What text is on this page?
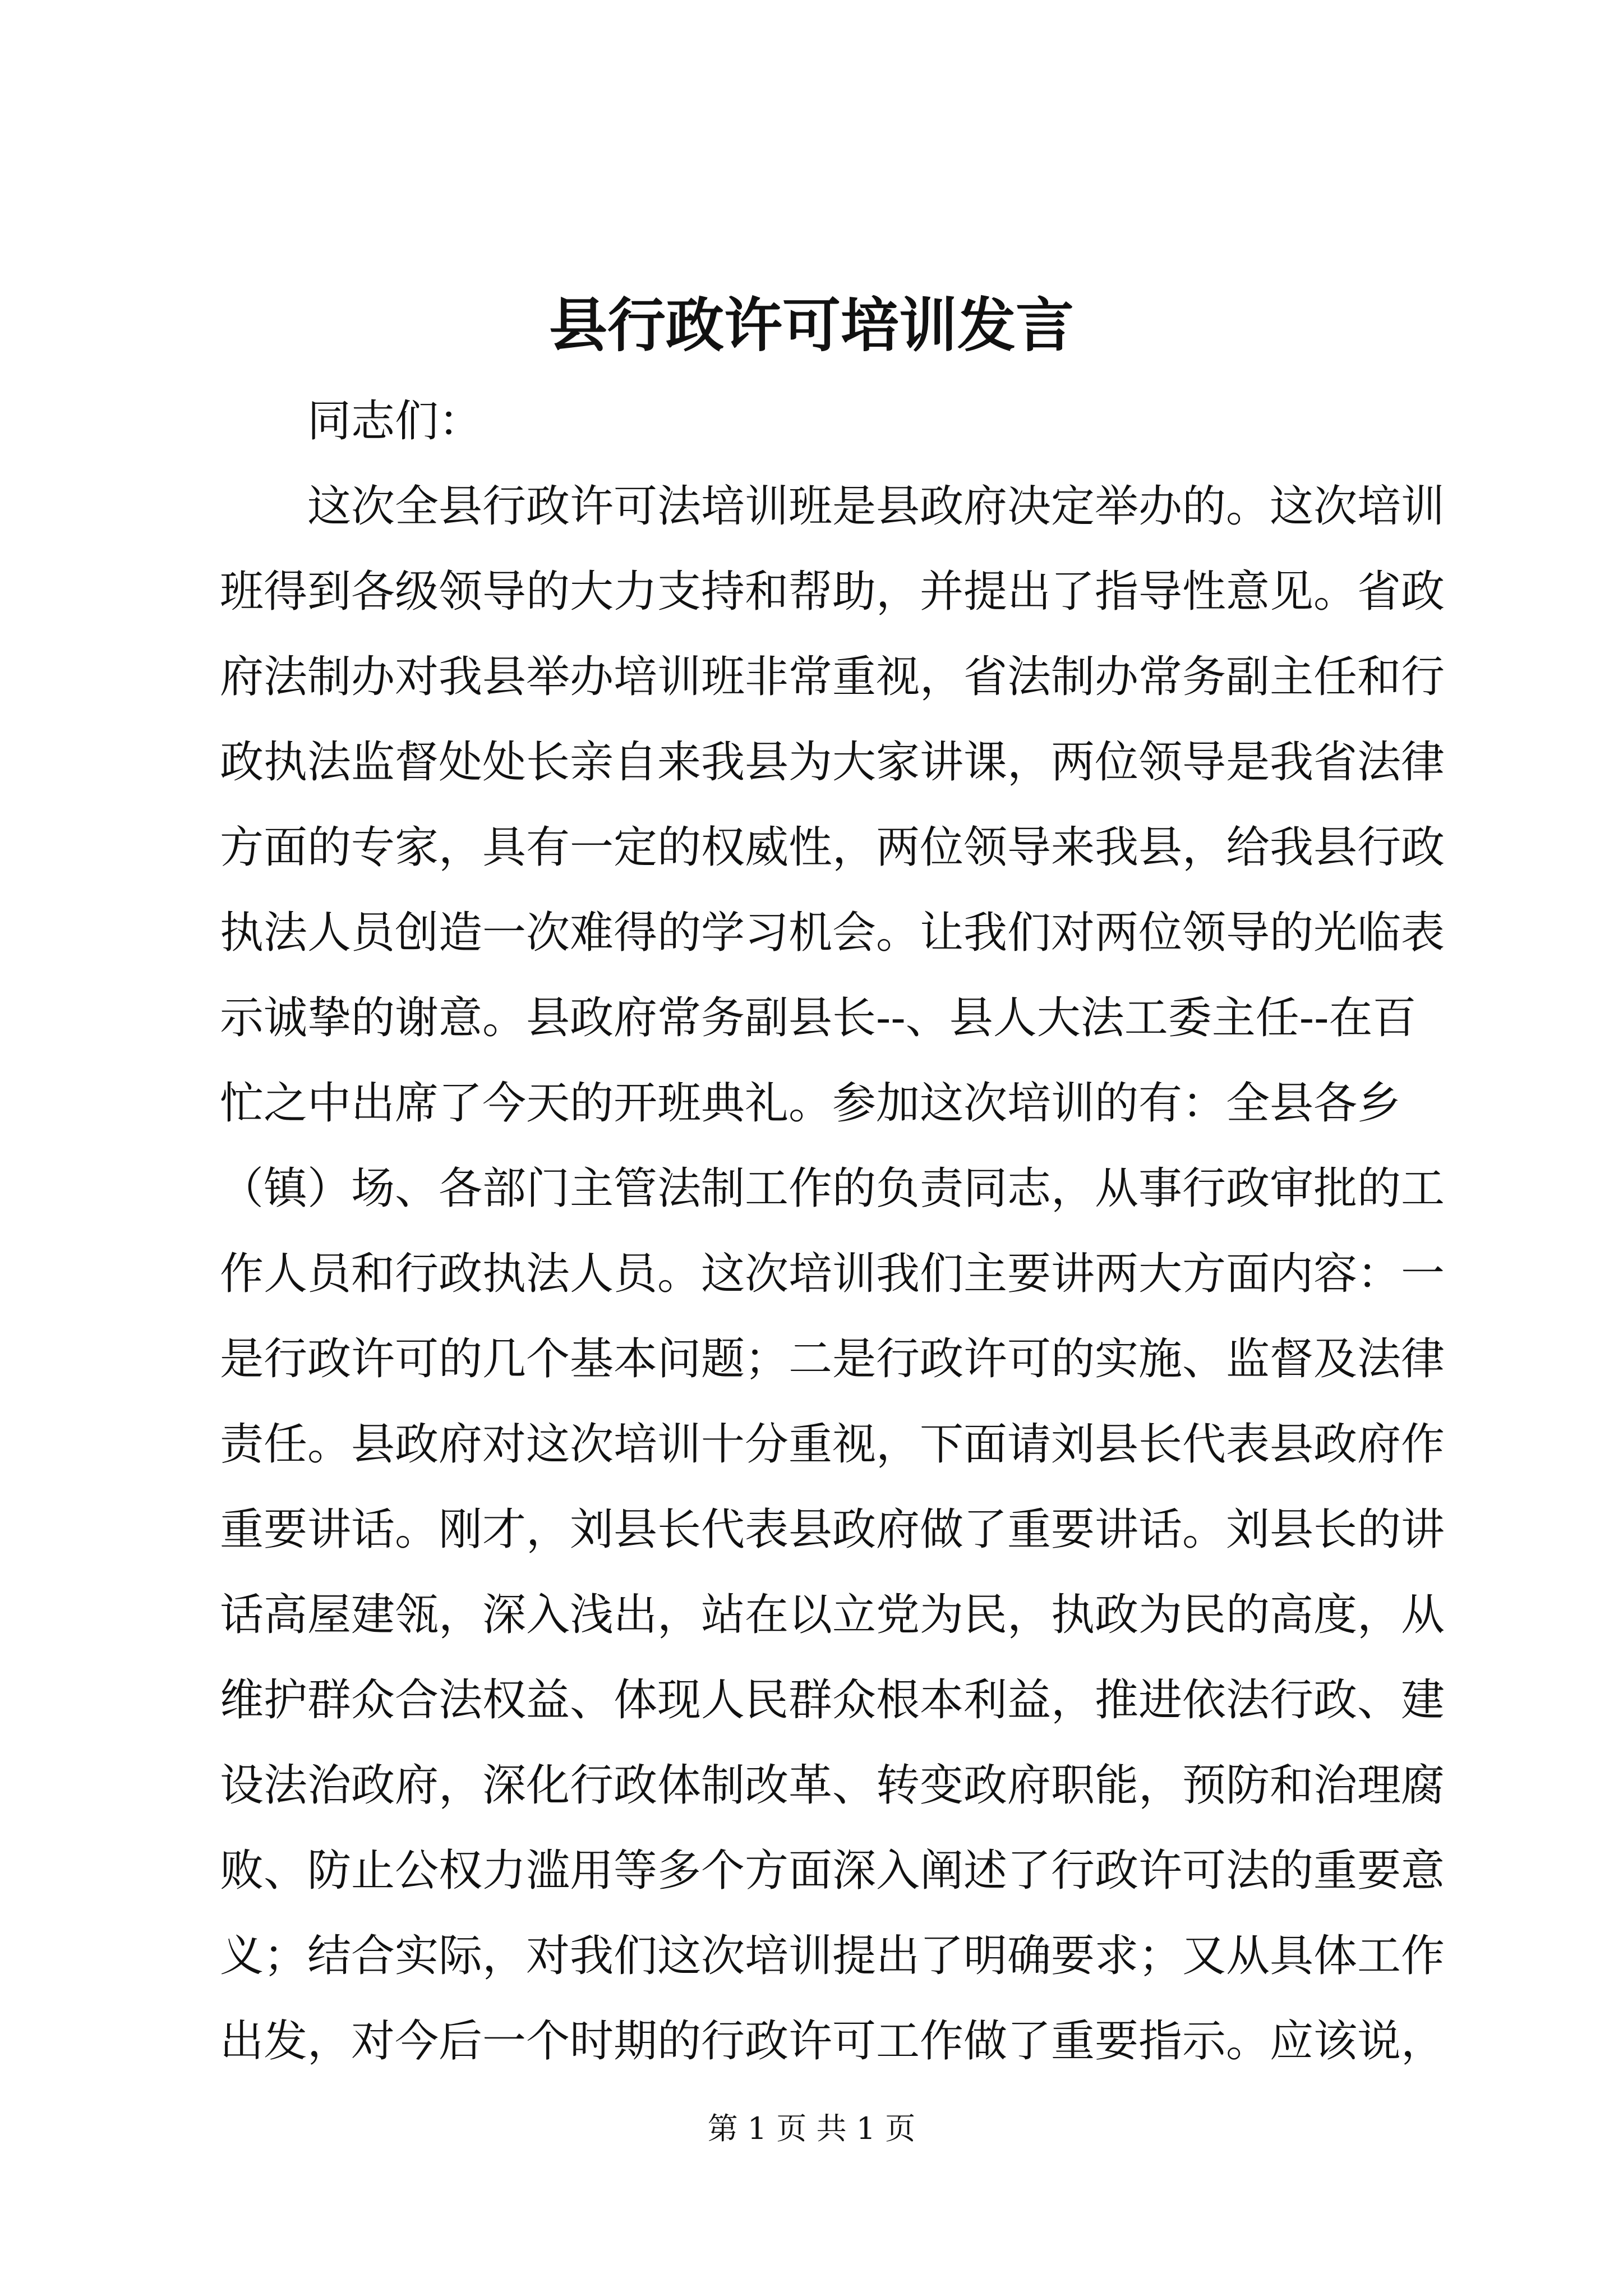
县行政许可培训发言
同志们：
这次全县行政许可法培训班是县政府决定举办的。这次培训
班得到各级领导的大力支持和帮助，并提出了指导性意见。省政
府法制办对我县举办培训班非常重视，省法制办常务副主任和行
政执法监督处处长亲自来我县为大家讲课，两位领导是我省法律
方面的专家，具有一定的权威性，两位领导来我县，给我县行政
执法人员创造一次难得的学习机会。让我们对两位领导的光临表
示诚挚的谢意。县政府常务副县长--、县人大法工委主任--在百
忙之中出席了今天的开班典礼。参加这次培训的有：全县各乡
（镇）场、各部门主管法制工作的负责同志，从事行政审批的工
作人员和行政执法人员。这次培训我们主要讲两大方面内容：一
是行政许可的几个基本问题；二是行政许可的实施、监督及法律
责任。县政府对这次培训十分重视，下面请刘县长代表县政府作
重要讲话。刚才，刘县长代表县政府做了重要讲话。刘县长的讲
话高屋建瓴，深入浅出，站在以立党为民，执政为民的高度，从
维护群众合法权益、体现人民群众根本利益，推进依法行政、建
设法治政府，深化行政体制改革、转变政府职能，预防和治理腐
败、防止公权力滥用等多个方面深入阐述了行政许可法的重要意
义；结合实际，对我们这次培训提出了明确要求；又从具体工作
出发，对今后一个时期的行政许可工作做了重要指示。应该说，
第 1 页 共 1 页
